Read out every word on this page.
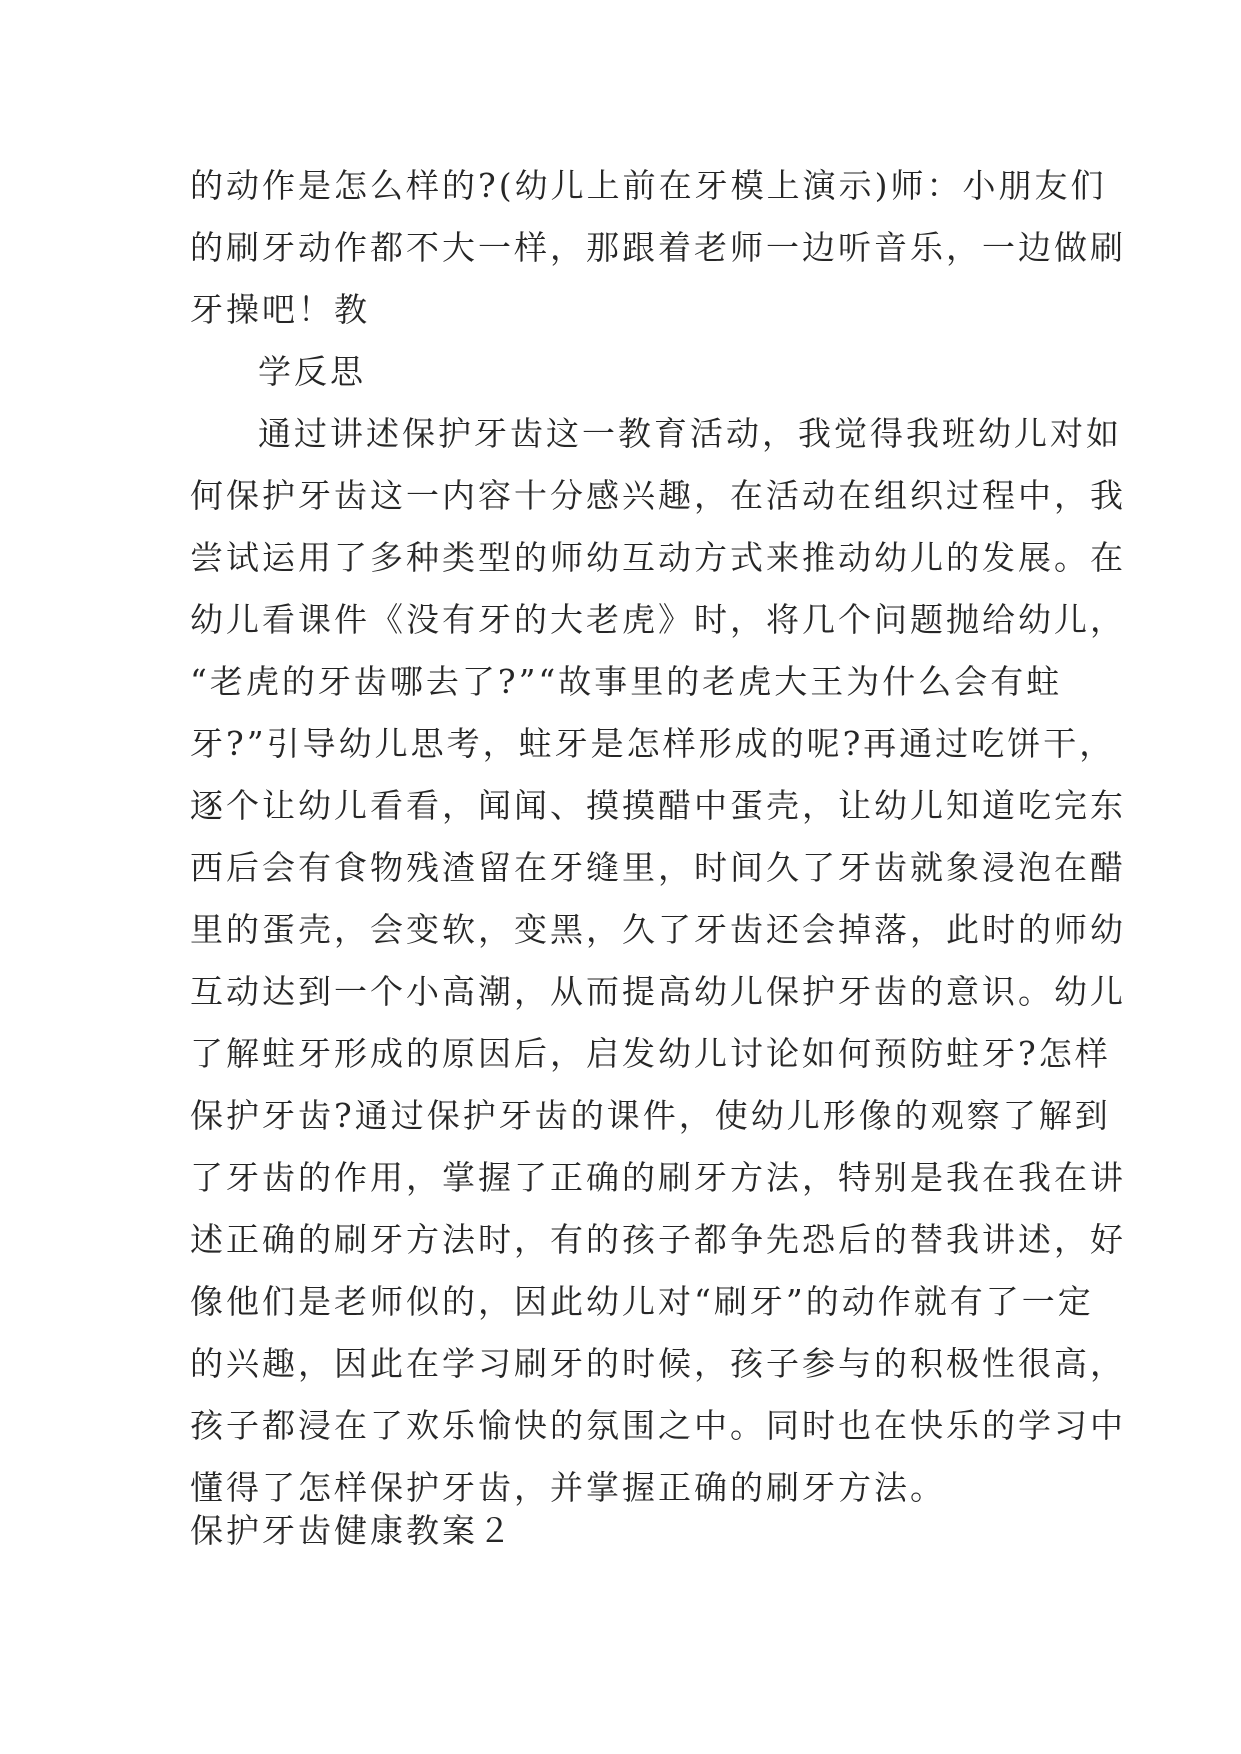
的动作是怎么样的?(幼儿上前在牙模上演示)师：小朋友们
的刷牙动作都不大一样，那跟着老师一边听音乐，一边做刷
牙操吧！教
学反思
通过讲述保护牙齿这一教育活动，我觉得我班幼儿对如
何保护牙齿这一内容十分感兴趣，在活动在组织过程中，我
尝试运用了多种类型的师幼互动方式来推动幼儿的发展。在
幼儿看课件《没有牙的大老虎》时，将几个问题抛给幼儿，
“老虎的牙齿哪去了?”“故事里的老虎大王为什么会有蛀
牙?”引导幼儿思考，蛀牙是怎样形成的呢?再通过吃饼干，
逐个让幼儿看看，闻闻、摸摸醋中蛋壳，让幼儿知道吃完东
西后会有食物残渣留在牙缝里，时间久了牙齿就象浸泡在醋
里的蛋壳，会变软，变黑，久了牙齿还会掉落，此时的师幼
互动达到一个小高潮，从而提高幼儿保护牙齿的意识。幼儿
了解蛀牙形成的原因后，启发幼儿讨论如何预防蛀牙?怎样
保护牙齿?通过保护牙齿的课件，使幼儿形像的观察了解到
了牙齿的作用，掌握了正确的刷牙方法，特别是我在我在讲
述正确的刷牙方法时，有的孩子都争先恐后的替我讲述，好
像他们是老师似的，因此幼儿对“刷牙”的动作就有了一定
的兴趣，因此在学习刷牙的时候，孩子参与的积极性很高，
孩子都浸在了欢乐愉快的氛围之中。同时也在快乐的学习中
懂得了怎样保护牙齿，并掌握正确的刷牙方法。
保护牙齿健康教案２
